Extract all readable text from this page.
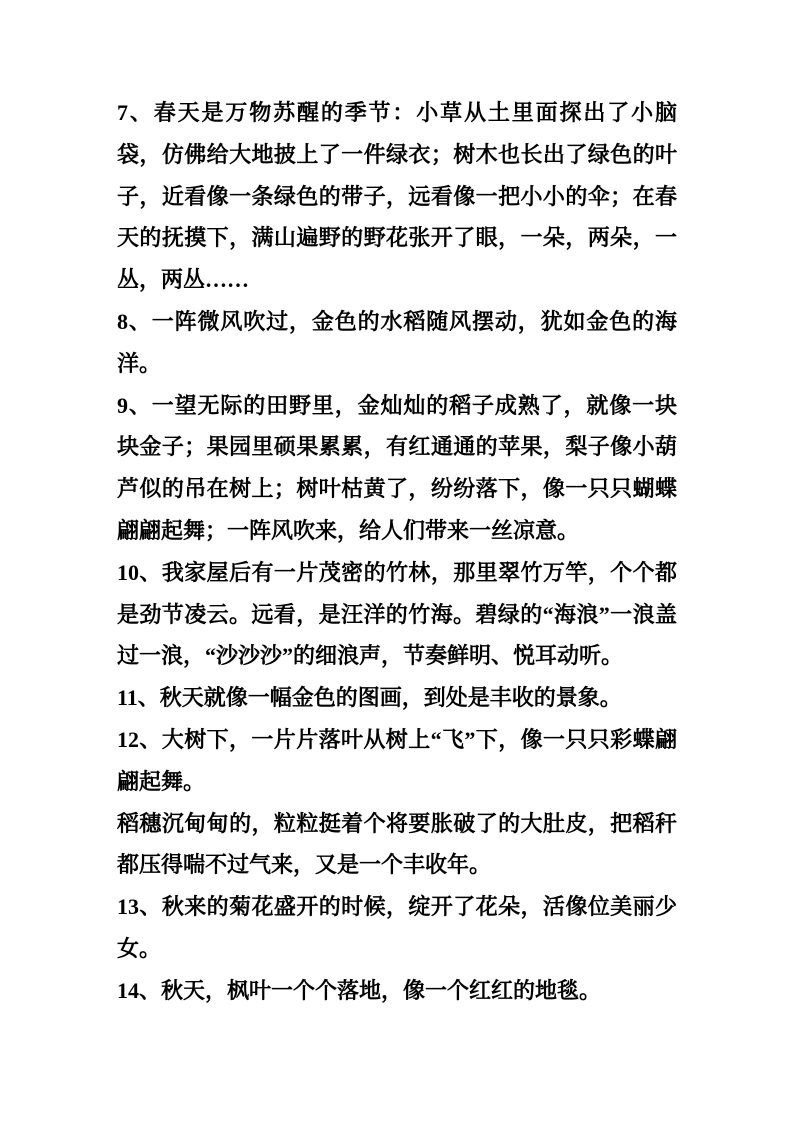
7、春天是万物苏醒的季节：小草从土里面探出了小脑袋，仿佛给大地披上了一件绿衣；树木也长出了绿色的叶子，近看像一条绿色的带子，远看像一把小小的伞；在春天的抚摸下，满山遍野的野花张开了眼，一朵，两朵，一丛，两丛……

8、一阵微风吹过，金色的水稻随风摆动，犹如金色的海洋。

9、一望无际的田野里，金灿灿的稻子成熟了，就像一块块金子；果园里硕果累累，有红通通的苹果，梨子像小葫芦似的吊在树上；树叶枯黄了，纷纷落下，像一只只蝴蝶翩翩起舞；一阵风吹来，给人们带来一丝凉意。

10、我家屋后有一片茂密的竹林，那里翠竹万竿，个个都是劲节凌云。远看，是汪洋的竹海。碧绿的“海浪”一浪盖过一浪，“沙沙沙”的细浪声，节奏鲜明、悦耳动听。

11、秋天就像一幅金色的图画，到处是丰收的景象。

12、大树下，一片片落叶从树上“飞”下，像一只只彩蝶翩翩起舞。

稻穗沉甸甸的，粒粒挺着个将要胀破了的大肚皮，把稻秆都压得喘不过气来，又是一个丰收年。

13、秋来的菊花盛开的时候，绽开了花朵，活像位美丽少女。

14、秋天，枫叶一个个落地，像一个红红的地毯。
